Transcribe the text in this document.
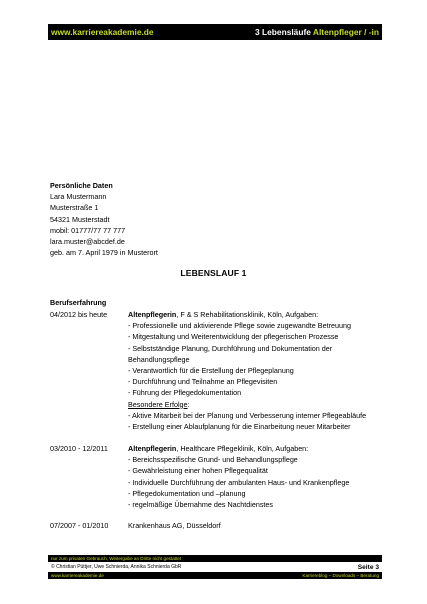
www.karriereakademie.de	3 Lebensläufe Altenpfleger / -in
Persönliche Daten
Lara Mustermann
Musterstraße 1
54321 Musterstadt
mobil: 01777/77 77 777
lara.muster@abcdef.de
geb. am 7. April 1979 in Musterort
LEBENSLAUF 1
Berufserfahrung
04/2012 bis heute	Altenpflegerin, F & S Rehabilitationsklinik, Köln, Aufgaben:
- Professionelle und aktivierende Pflege sowie zugewandte Betreuung
- Mitgestaltung und Weiterentwicklung der pflegerischen Prozesse
- Selbstständige Planung, Durchführung und Dokumentation der
Behandlungspflege
- Verantwortlich für die Erstellung der Pflegeplanung
- Durchführung und Teilnahme an Pflegevisiten
- Führung der Pflegedokumentation
Besondere Erfolge:
- Aktive Mitarbeit bei der Planung und Verbesserung interner Pflegeabläufe
- Erstellung einer Ablaufplanung für die Einarbeitung neuer Mitarbeiter
03/2010 - 12/2011	Altenpflegerin, Healthcare Pflegeklinik, Köln, Aufgaben:
- Bereichsspezifische Grund- und Behandlungspflege
- Gewährleistung einer hohen Pflegequalität
- Individuelle Durchführung der ambulanten Haus- und Krankenpflege
- Pflegedokumentation und –planung
- regelmäßige Übernahme des Nachtdienstes
07/2007 - 01/2010	Krankenhaus AG, Düsseldorf
nur zum privaten Gebrauch, Weitergabe an Dritte nicht gestattet
© Christian Püttjer, Uwe Schnierda, Annika Schnierda GbR	Seite 3
www.karriereakademie.de	Karriereblog – Downloads – Beratung
